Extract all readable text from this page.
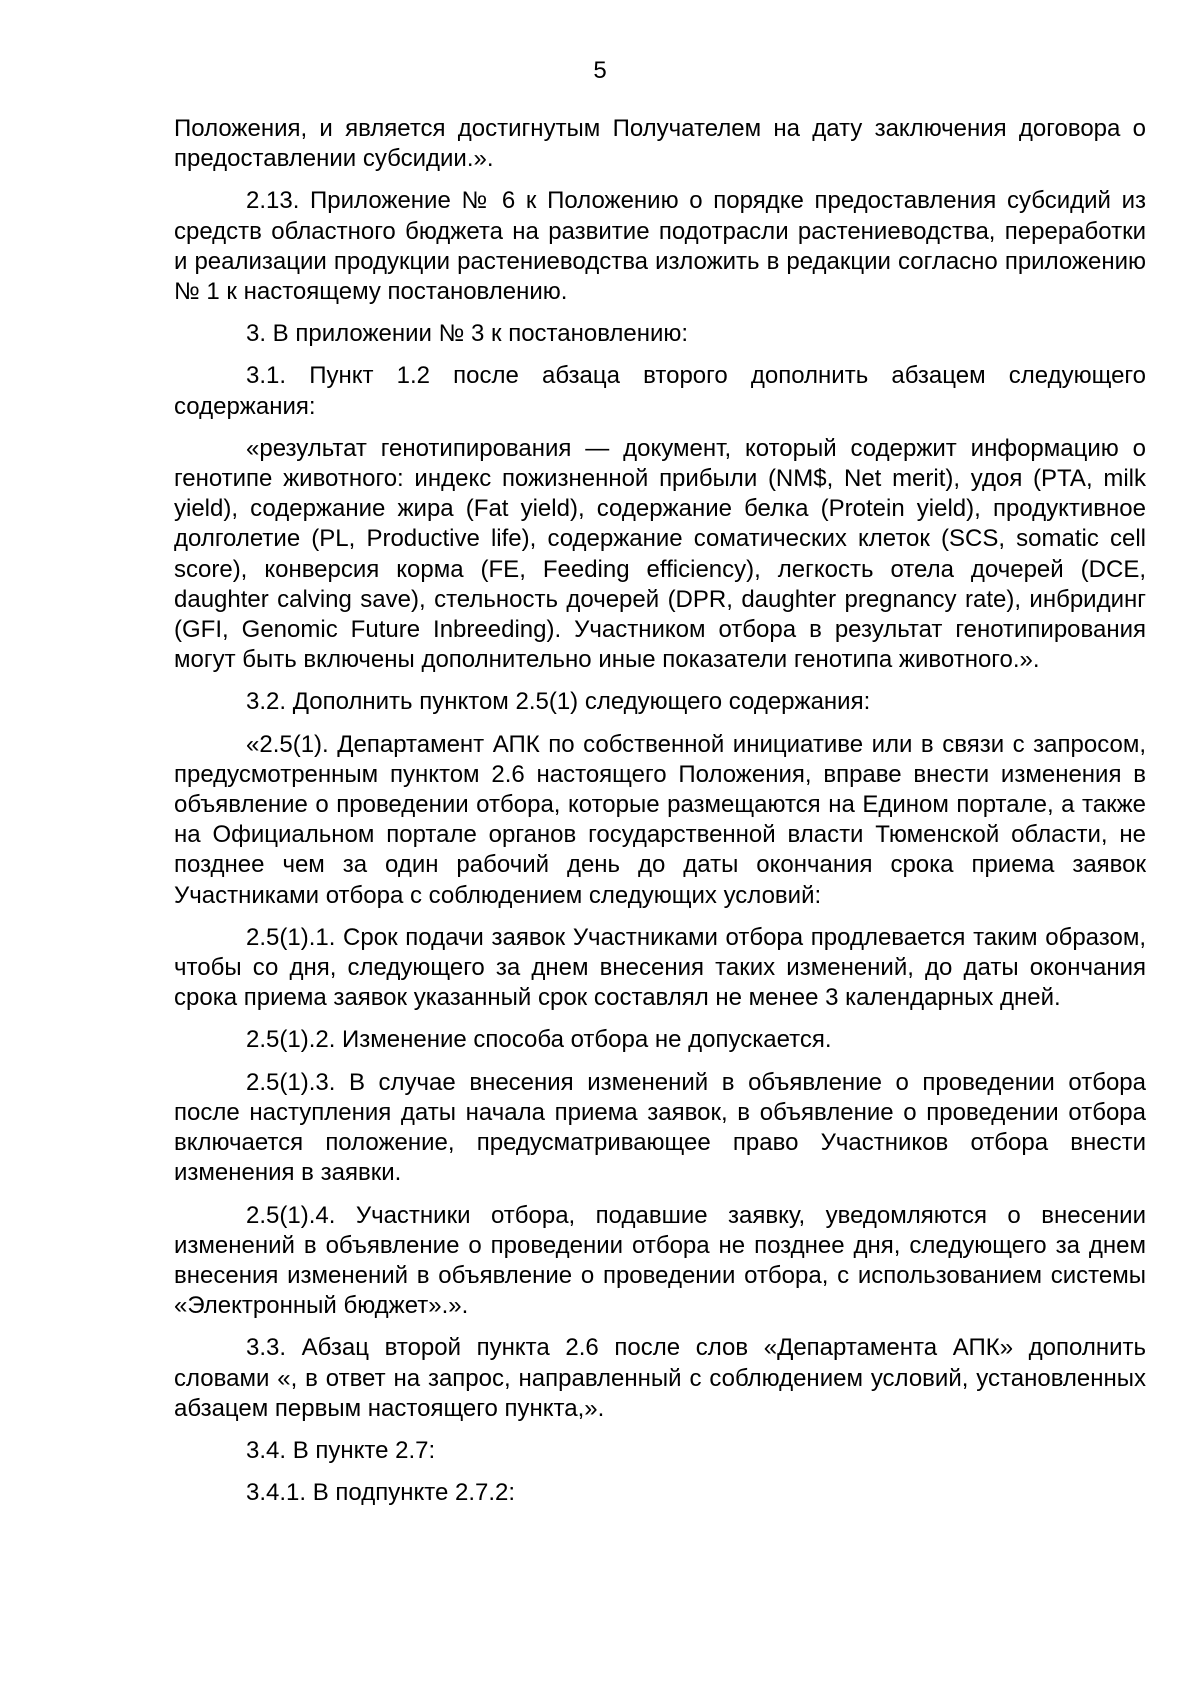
5

Положения, и является достигнутым Получателем на дату заключения договора о предоставлении субсидии.».

2.13. Приложение № 6 к Положению о порядке предоставления субсидий из средств областного бюджета на развитие подотрасли растениеводства, переработки и реализации продукции растениеводства изложить в редакции согласно приложению № 1 к настоящему постановлению.

3. В приложении № 3 к постановлению:

3.1. Пункт 1.2 после абзаца второго дополнить абзацем следующего содержания:

«результат генотипирования — документ, который содержит информацию о генотипе животного: индекс пожизненной прибыли (NM$, Net merit), удоя (PTA, milk yield), содержание жира (Fat yield), содержание белка (Protein yield), продуктивное долголетие (PL, Productive life), содержание соматических клеток (SCS, somatic cell score), конверсия корма (FE, Feeding efficiency), легкость отела дочерей (DCE, daughter calving save), стельность дочерей (DPR, daughter pregnancy rate), инбридинг (GFI, Genomic Future Inbreeding). Участником отбора в результат генотипирования могут быть включены дополнительно иные показатели генотипа животного.».

3.2. Дополнить пунктом 2.5(1) следующего содержания:

«2.5(1). Департамент АПК по собственной инициативе или в связи с запросом, предусмотренным пунктом 2.6 настоящего Положения, вправе внести изменения в объявление о проведении отбора, которые размещаются на Едином портале, а также на Официальном портале органов государственной власти Тюменской области, не позднее чем за один рабочий день до даты окончания срока приема заявок Участниками отбора с соблюдением следующих условий:

2.5(1).1. Срок подачи заявок Участниками отбора продлевается таким образом, чтобы со дня, следующего за днем внесения таких изменений, до даты окончания срока приема заявок указанный срок составлял не менее 3 календарных дней.

2.5(1).2. Изменение способа отбора не допускается.

2.5(1).3. В случае внесения изменений в объявление о проведении отбора после наступления даты начала приема заявок, в объявление о проведении отбора включается положение, предусматривающее право Участников отбора внести изменения в заявки.

2.5(1).4. Участники отбора, подавшие заявку, уведомляются о внесении изменений в объявление о проведении отбора не позднее дня, следующего за днем внесения изменений в объявление о проведении отбора, с использованием системы «Электронный бюджет».».

3.3. Абзац второй пункта 2.6 после слов «Департамента АПК» дополнить словами «, в ответ на запрос, направленный с соблюдением условий, установленных абзацем первым настоящего пункта,».

3.4. В пункте 2.7:

3.4.1. В подпункте 2.7.2:
